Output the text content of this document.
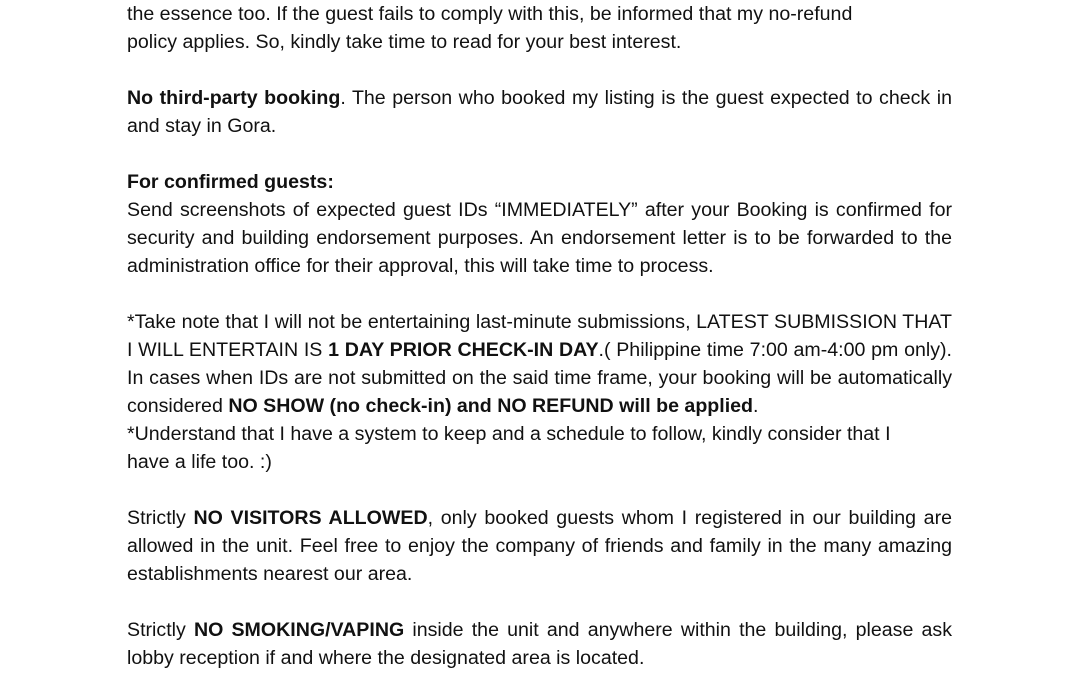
the essence too. If the guest fails to comply with this, be informed that my no-refund
policy applies. So, kindly take time to read for your best interest.

No third-party booking. The person who booked my listing is the guest expected to check in and stay in Gora.

For confirmed guests:

Send screenshots of expected guest IDs “IMMEDIATELY” after your Booking is confirmed for security and building endorsement purposes. An endorsement letter is to be forwarded to the administration office for their approval, this will take time to process.

*Take note that I will not be entertaining last-minute submissions, LATEST SUBMISSION THAT I WILL ENTERTAIN IS 1 DAY PRIOR CHECK-IN DAY.( Philippine time 7:00 am-4:00 pm only). In cases when IDs are not submitted on the said time frame, your booking will be automatically considered NO SHOW (no check-in) and NO REFUND will be applied.

*Understand that I have a system to keep and a schedule to follow, kindly consider that I
have a life too. :)

Strictly NO VISITORS ALLOWED, only booked guests whom I registered in our building are allowed in the unit. Feel free to enjoy the company of friends and family in the many amazing establishments nearest our area.

Strictly NO SMOKING/VAPING inside the unit and anywhere within the building, please ask lobby reception if and where the designated area is located.
